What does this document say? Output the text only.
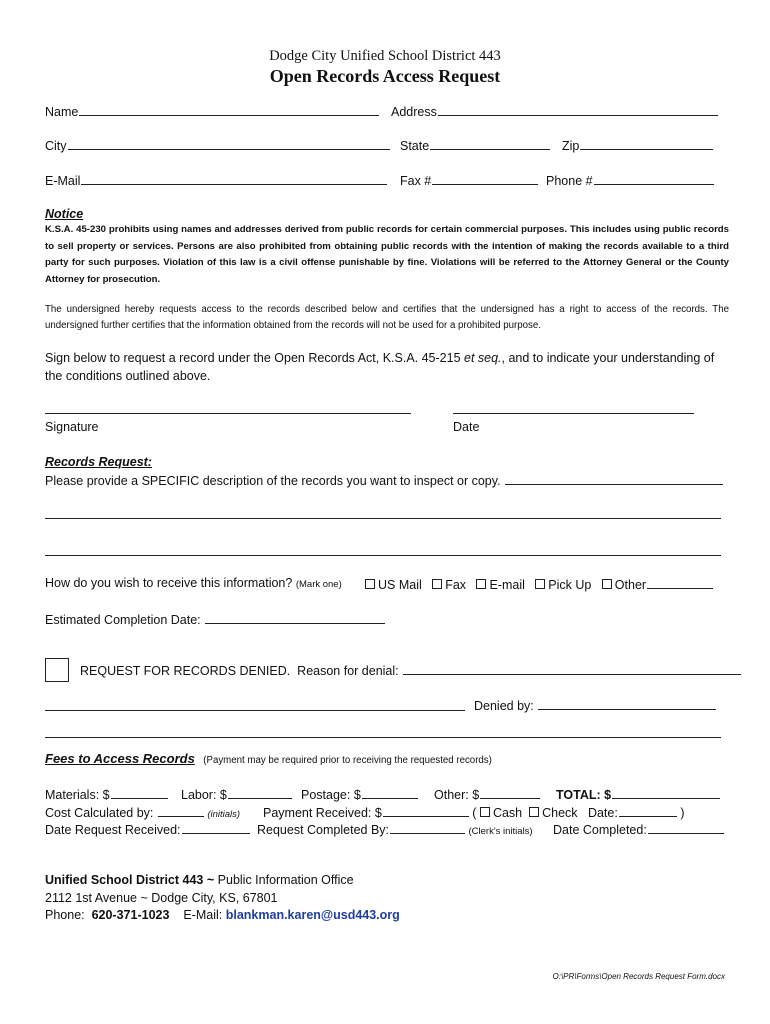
Dodge City Unified School District 443
Open Records Access Request
Name	Address
City	State	Zip
E-Mail	Fax #	Phone #
Notice
K.S.A. 45-230 prohibits using names and addresses derived from public records for certain commercial purposes. This includes using public records to sell property or services. Persons are also prohibited from obtaining public records with the intention of making the records available to a third party for such purposes. Violation of this law is a civil offense punishable by fine. Violations will be referred to the Attorney General or the County Attorney for prosecution.
The undersigned hereby requests access to the records described below and certifies that the undersigned has a right to access of the records. The undersigned further certifies that the information obtained from the records will not be used for a prohibited purpose.
Sign below to request a record under the Open Records Act, K.S.A. 45-215 et seq., and to indicate your understanding of the conditions outlined above.
Signature	Date
Records Request:
Please provide a SPECIFIC description of the records you want to inspect or copy.
How do you wish to receive this information? (Mark one)	US Mail Fax E-mail Pick Up Other
Estimated Completion Date:
REQUEST FOR RECORDS DENIED. Reason for denial:
Denied by:
Fees to Access Records (Payment may be required prior to receiving the requested records)
Materials: $	Labor: $	Postage: $	Other: $	TOTAL: $
Cost Calculated by:	(initials) Payment Received: $	( Cash Check Date:	)
Date Request Received:	Request Completed By:	(Clerk's initials) Date Completed:
Unified School District 443 ~ Public Information Office
2112 1st Avenue ~ Dodge City, KS, 67801
Phone: 620-371-1023 E-Mail: blankman.karen@usd443.org
O:\PR\Forms\Open Records Request Form.docx
